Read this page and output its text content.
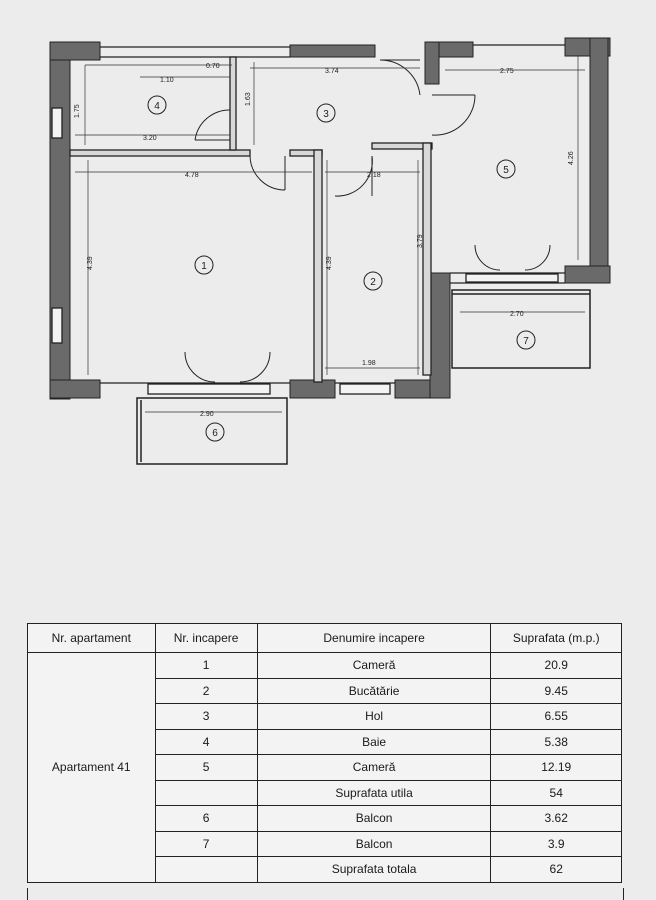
1.10
0.70
3.74	2.75
1.75
1.63
3.20
4.78	2.18
4.26
4.39	4.39
3.79
1.98
2.70
2.90
1
2
3
4
5
6
7
Nr. apartament	Nr. incapere	Denumire incapere	Suprafata (m.p.)
Apartament 41	1	Cameră	20.9
	2	Bucătărie	9.45
	3	Hol	6.55
	4	Baie	5.38
	5	Cameră	12.19
		Suprafata utila	54
	6	Balcon	3.62
	7	Balcon	3.9
		Suprafata totala	62
